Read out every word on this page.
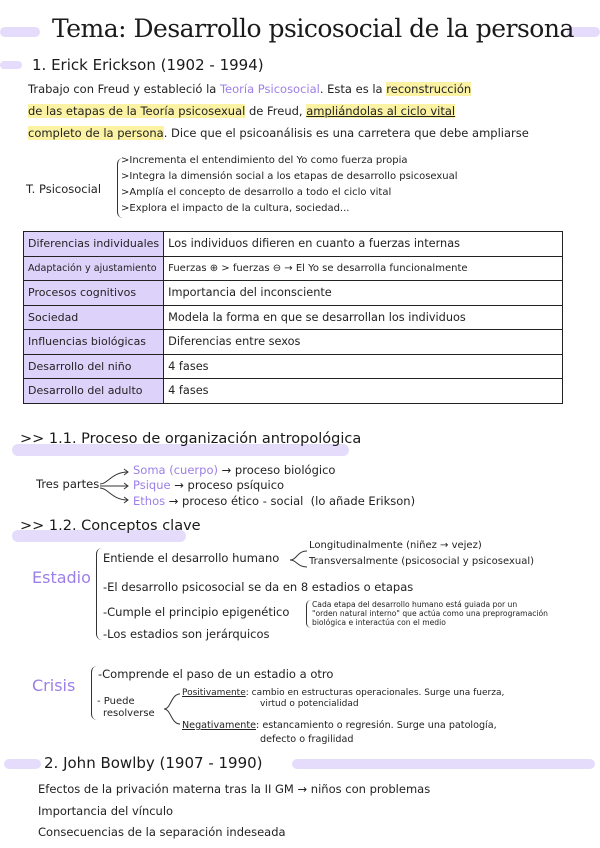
Tema: Desarrollo psicosocial de la persona
1. Erick Erickson (1902 - 1994)
Trabajo con Freud y estableció la Teoría Psicosocial. Esta es la reconstrucción
de las etapas de la Teoría psicosexual de Freud, ampliándolas al ciclo vital
completo de la persona. Dice que el psicoanálisis es una carretera que debe ampliarse
T. Psicosocial
>Incrementa el entendimiento del Yo como fuerza propia
>Integra la dimensión social a los etapas de desarrollo psicosexual
>Amplía el concepto de desarrollo a todo el ciclo vital
>Explora el impacto de la cultura, sociedad...
Diferencias individuales	Los individuos difieren en cuanto a fuerzas internas
Adaptación y ajustamiento	Fuerzas ⊕ > fuerzas ⊖ → El Yo se desarrolla funcionalmente
Procesos cognitivos	Importancia del inconsciente
Sociedad	Modela la forma en que se desarrollan los individuos
Influencias biológicas	Diferencias entre sexos
Desarrollo del niño	4 fases
Desarrollo del adulto	4 fases
>> 1.1. Proceso de organización antropológica
Tres partes
Soma (cuerpo) → proceso biológico
Psique → proceso psíquico
Ethos → proceso ético - social (lo añade Erikson)
>> 1.2. Conceptos clave
Estadio
Entiende el desarrollo humano
Longitudinalmente (niñez → vejez)
Transversalmente (psicosocial y psicosexual)
-El desarrollo psicosocial se da en 8 estadios o etapas
-Cumple el principio epigenético
Cada etapa del desarrollo humano está guiada por un
"orden natural interno" que actúa como una preprogramación
biológica e interactúa con el medio
-Los estadios son jerárquicos
Crisis
-Comprende el paso de un estadio a otro
- Puede
resolverse
Positivamente: cambio en estructuras operacionales. Surge una fuerza,
virtud o potencialidad
Negativamente: estancamiento o regresión. Surge una patología,
defecto o fragilidad
2. John Bowlby (1907 - 1990)
Efectos de la privación materna tras la II GM → niños con problemas
Importancia del vínculo
Consecuencias de la separación indeseada
